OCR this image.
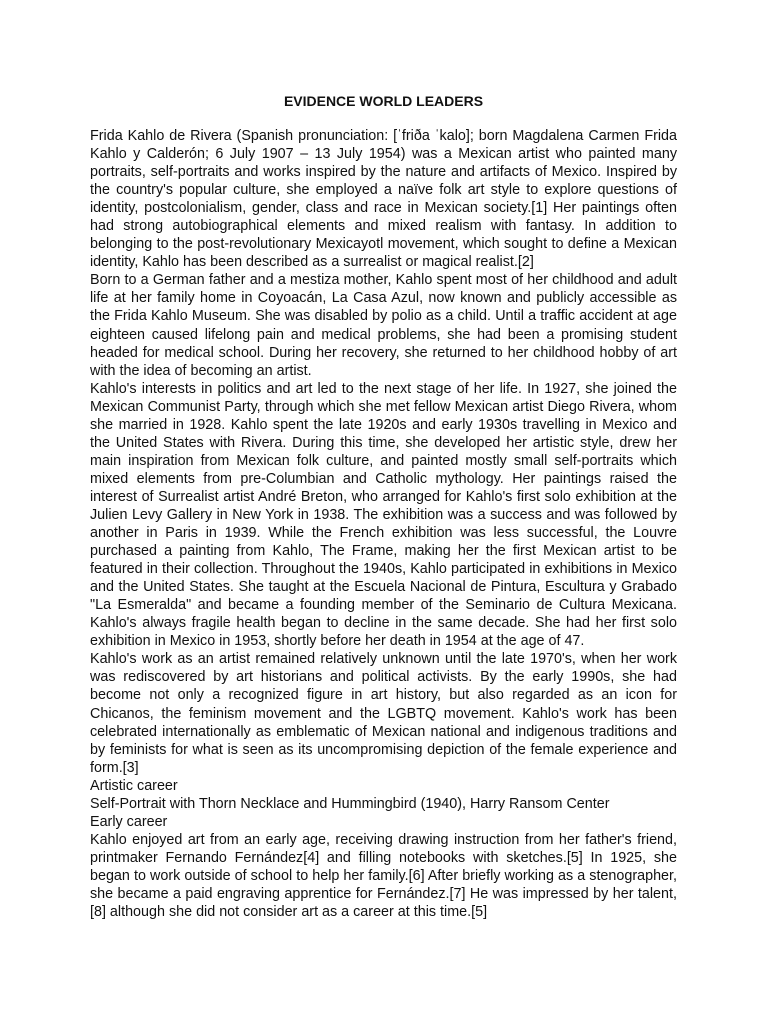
EVIDENCE WORLD LEADERS

Frida Kahlo de Rivera (Spanish pronunciation: [ˈfriða ˈkalo]; born Magdalena Carmen Frida Kahlo y Calderón; 6 July 1907 – 13 July 1954) was a Mexican artist who painted many portraits, self-portraits and works inspired by the nature and artifacts of Mexico. Inspired by the country's popular culture, she employed a naïve folk art style to explore questions of identity, postcolonialism, gender, class and race in Mexican society.[1] Her paintings often had strong autobiographical elements and mixed realism with fantasy. In addition to belonging to the post-revolutionary Mexicayotl movement, which sought to define a Mexican identity, Kahlo has been described as a surrealist or magical realist.[2]

Born to a German father and a mestiza mother, Kahlo spent most of her childhood and adult life at her family home in Coyoacán, La Casa Azul, now known and publicly accessible as the Frida Kahlo Museum. She was disabled by polio as a child. Until a traffic accident at age eighteen caused lifelong pain and medical problems, she had been a promising student headed for medical school. During her recovery, she returned to her childhood hobby of art with the idea of becoming an artist.

Kahlo's interests in politics and art led to the next stage of her life. In 1927, she joined the Mexican Communist Party, through which she met fellow Mexican artist Diego Rivera, whom she married in 1928. Kahlo spent the late 1920s and early 1930s travelling in Mexico and the United States with Rivera. During this time, she developed her artistic style, drew her main inspiration from Mexican folk culture, and painted mostly small self-portraits which mixed elements from pre-Columbian and Catholic mythology. Her paintings raised the interest of Surrealist artist André Breton, who arranged for Kahlo's first solo exhibition at the Julien Levy Gallery in New York in 1938. The exhibition was a success and was followed by another in Paris in 1939. While the French exhibition was less successful, the Louvre purchased a painting from Kahlo, The Frame, making her the first Mexican artist to be featured in their collection. Throughout the 1940s, Kahlo participated in exhibitions in Mexico and the United States. She taught at the Escuela Nacional de Pintura, Escultura y Grabado "La Esmeralda" and became a founding member of the Seminario de Cultura Mexicana. Kahlo's always fragile health began to decline in the same decade. She had her first solo exhibition in Mexico in 1953, shortly before her death in 1954 at the age of 47.

Kahlo's work as an artist remained relatively unknown until the late 1970's, when her work was rediscovered by art historians and political activists. By the early 1990s, she had become not only a recognized figure in art history, but also regarded as an icon for Chicanos, the feminism movement and the LGBTQ movement. Kahlo's work has been celebrated internationally as emblematic of Mexican national and indigenous traditions and by feminists for what is seen as its uncompromising depiction of the female experience and form.[3]

Artistic career
Self-Portrait with Thorn Necklace and Hummingbird (1940), Harry Ransom Center
Early career

Kahlo enjoyed art from an early age, receiving drawing instruction from her father's friend, printmaker Fernando Fernández[4] and filling notebooks with sketches.[5] In 1925, she began to work outside of school to help her family.[6] After briefly working as a stenographer, she became a paid engraving apprentice for Fernández.[7] He was impressed by her talent,[8] although she did not consider art as a career at this time.[5]
